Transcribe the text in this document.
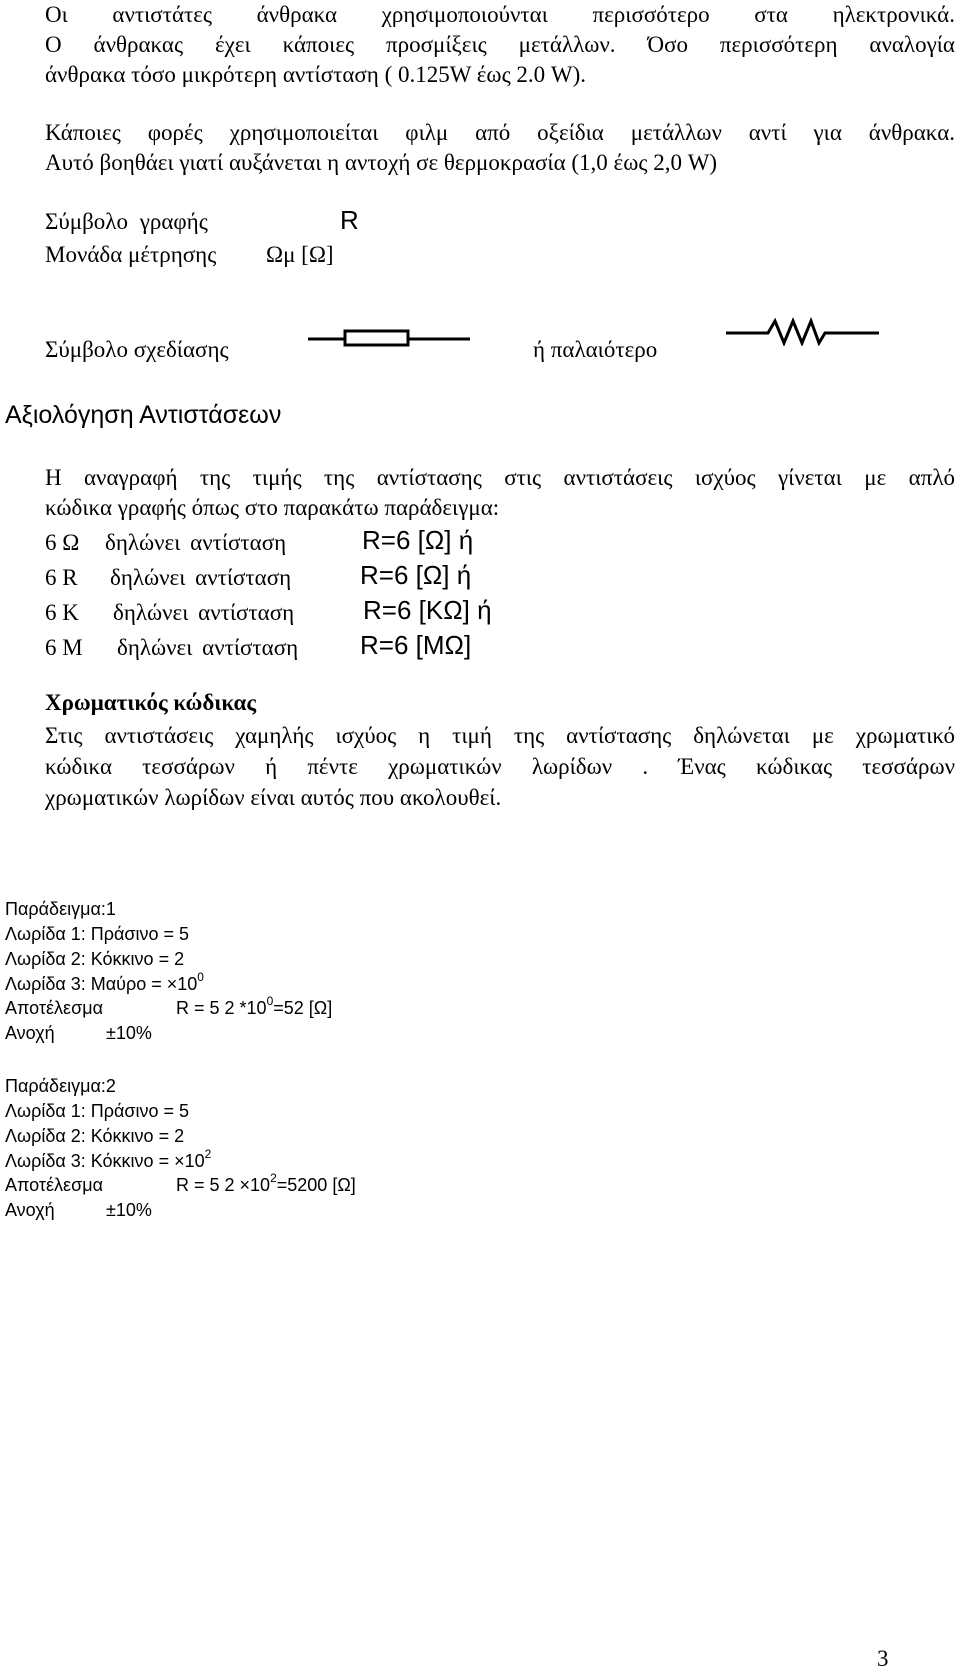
Οι αντιστάτες άνθρακα χρησιμοποιούνται περισσότερο στα ηλεκτρονικά.
Ο άνθρακας έχει κάποιες προσμίξεις μετάλλων. Όσο περισσότερη αναλογία
άνθρακα τόσο μικρότερη αντίσταση ( 0.125W έως 2.0 W).
Κάποιες φορές χρησιμοποιείται φιλμ από οξείδια μετάλλων αντί για άνθρακα.
Αυτό βοηθάει γιατί αυξάνεται η αντοχή σε θερμοκρασία (1,0 έως 2,0 W)
Σύμβολο γραφής	R
Μονάδα μέτρησης Ωμ [Ω]
Σύμβολο σχεδίασης	ή παλαιότερο
Αξιολόγηση Αντιστάσεων
Η αναγραφή της τιμής της αντίστασης στις αντιστάσεις ισχύος γίνεται με απλό
κώδικα γραφής όπως στο παρακάτω παράδειγμα:
6 Ω δηλώνει αντίσταση	R=6 [Ω] ή
6 R δηλώνει αντίσταση	R=6 [Ω] ή
6 K δηλώνει αντίσταση	R=6 [KΩ] ή
6 M δηλώνει αντίσταση R=6 [MΩ]
Χρωματικός κώδικας
Στις αντιστάσεις χαμηλής ισχύος η τιμή της αντίστασης δηλώνεται με χρωματικό
κώδικα τεσσάρων ή πέντε χρωματικών λωρίδων . Ένας κώδικας τεσσάρων
χρωματικών λωρίδων είναι αυτός που ακολουθεί.
Παράδειγμα:1
Λωρίδα 1: Πράσινο = 5
Λωρίδα 2: Κόκκινο = 2
Λωρίδα 3: $M\alpha ύ\rho o = \times 10^0$
Αποτέλεσμα	R = 5 2 $*10^0=52$ [Ω]
Ανοχή	±10%
Παράδειγμα:2
Λωρίδα 1: Πράσινο = 5
Λωρίδα 2: Κόκκινο = 2
Λωρίδα 3: $Kό\kappa\kappa\iota\nu o = \times 10^2$
Αποτέλεσμα	R = 5 $2 \times 10^2=5200$ [Ω]
Ανοχή	±10%
3
